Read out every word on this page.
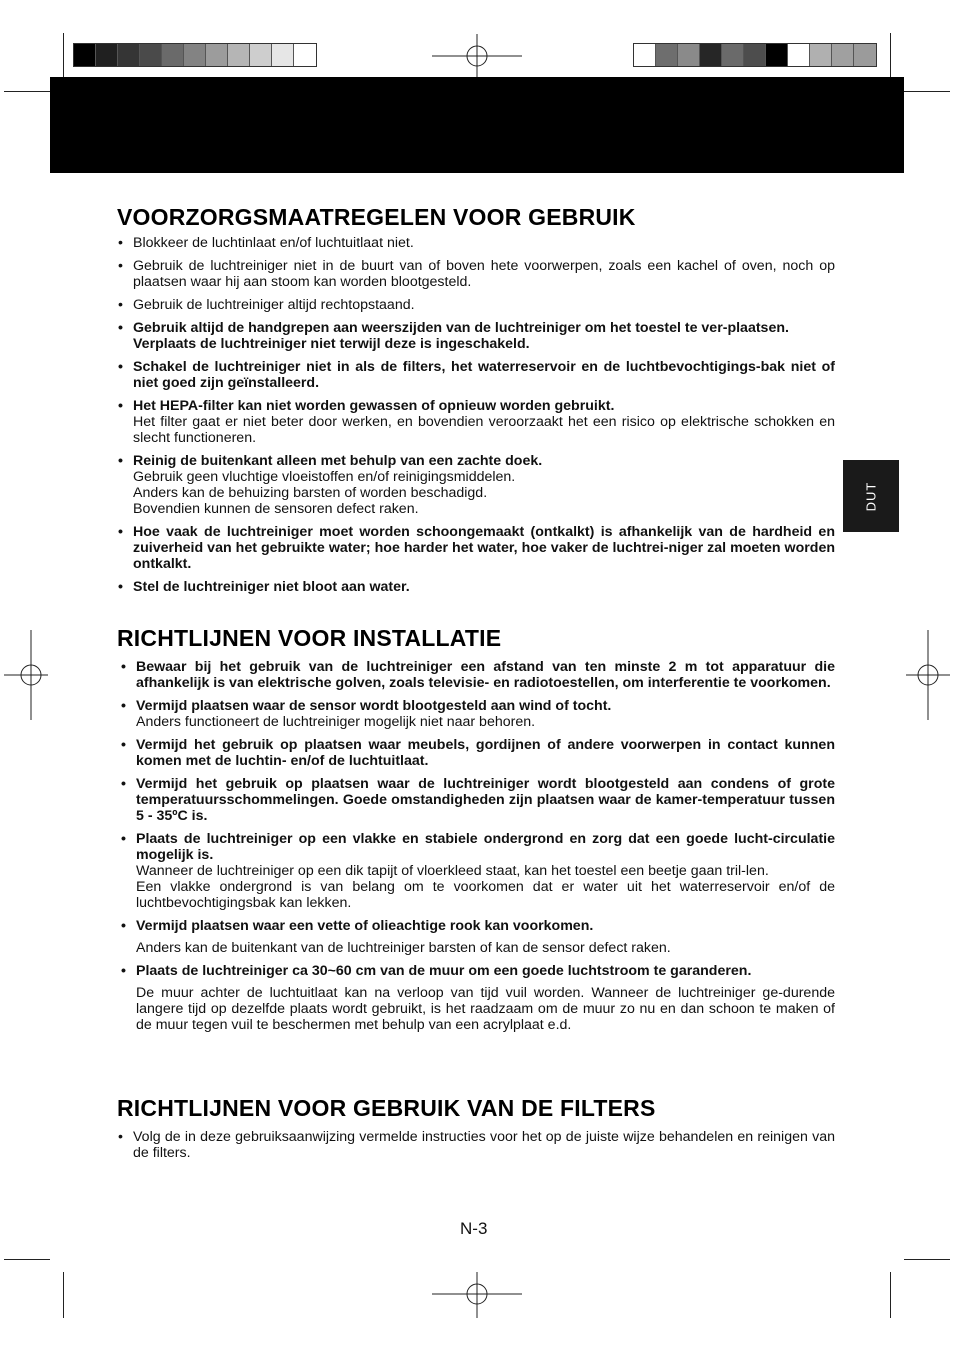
DUT
VOORZORGSMAATREGELEN VOOR GEBRUIK
• Blokkeer de luchtinlaat en/of luchtuitlaat niet.
• Gebruik de luchtreiniger niet in de buurt van of boven hete voorwerpen, zoals een kachel of oven, noch op plaatsen waar hij aan stoom kan worden blootgesteld.
• Gebruik de luchtreiniger altijd rechtopstaand.
• Gebruik altijd de handgrepen aan weerszijden van de luchtreiniger om het toestel te ver-plaatsen.
Verplaats de luchtreiniger niet terwijl deze is ingeschakeld.
• Schakel de luchtreiniger niet in als de filters, het waterreservoir en de luchtbevochtigings-bak niet of niet goed zijn geïnstalleerd.
• Het HEPA-filter kan niet worden gewassen of opnieuw worden gebruikt.
Het filter gaat er niet beter door werken, en bovendien veroorzaakt het een risico op elektrische schokken en slecht functioneren.
• Reinig de buitenkant alleen met behulp van een zachte doek.
Gebruik geen vluchtige vloeistoffen en/of reinigingsmiddelen.
Anders kan de behuizing barsten of worden beschadigd.
Bovendien kunnen de sensoren defect raken.
• Hoe vaak de luchtreiniger moet worden schoongemaakt (ontkalkt) is afhankelijk van de hardheid en zuiverheid van het gebruikte water; hoe harder het water, hoe vaker de luchtrei-niger zal moeten worden ontkalkt.
• Stel de luchtreiniger niet bloot aan water.
RICHTLIJNEN VOOR INSTALLATIE
• Bewaar bij het gebruik van de luchtreiniger een afstand van ten minste 2 m tot apparatuur die afhankelijk is van elektrische golven, zoals televisie- en radiotoestellen, om interferentie te voorkomen.
• Vermijd plaatsen waar de sensor wordt blootgesteld aan wind of tocht.
Anders functioneert de luchtreiniger mogelijk niet naar behoren.
• Vermijd het gebruik op plaatsen waar meubels, gordijnen of andere voorwerpen in contact kunnen komen met de luchtin- en/of de luchtuitlaat.
• Vermijd het gebruik op plaatsen waar de luchtreiniger wordt blootgesteld aan condens of grote temperatuursschommelingen. Goede omstandigheden zijn plaatsen waar de kamer-temperatuur tussen 5 - 35ºC is.
• Plaats de luchtreiniger op een vlakke en stabiele ondergrond en zorg dat een goede lucht-circulatie mogelijk is.
Wanneer de luchtreiniger op een dik tapijt of vloerkleed staat, kan het toestel een beetje gaan tril-len.
Een vlakke ondergrond is van belang om te voorkomen dat er water uit het waterreservoir en/of de luchtbevochtigingsbak kan lekken.
• Vermijd plaatsen waar een vette of olieachtige rook kan voorkomen.
Anders kan de buitenkant van de luchtreiniger barsten of kan de sensor defect raken.
• Plaats de luchtreiniger ca 30~60 cm van de muur om een goede luchtstroom te garanderen.
De muur achter de luchtuitlaat kan na verloop van tijd vuil worden. Wanneer de luchtreiniger ge-durende langere tijd op dezelfde plaats wordt gebruikt, is het raadzaam om de muur zo nu en dan schoon te maken of de muur tegen vuil te beschermen met behulp van een acrylplaat e.d.
RICHTLIJNEN VOOR GEBRUIK VAN DE FILTERS
• Volg de in deze gebruiksaanwijzing vermelde instructies voor het op de juiste wijze behandelen en reinigen van de filters.
N-3
